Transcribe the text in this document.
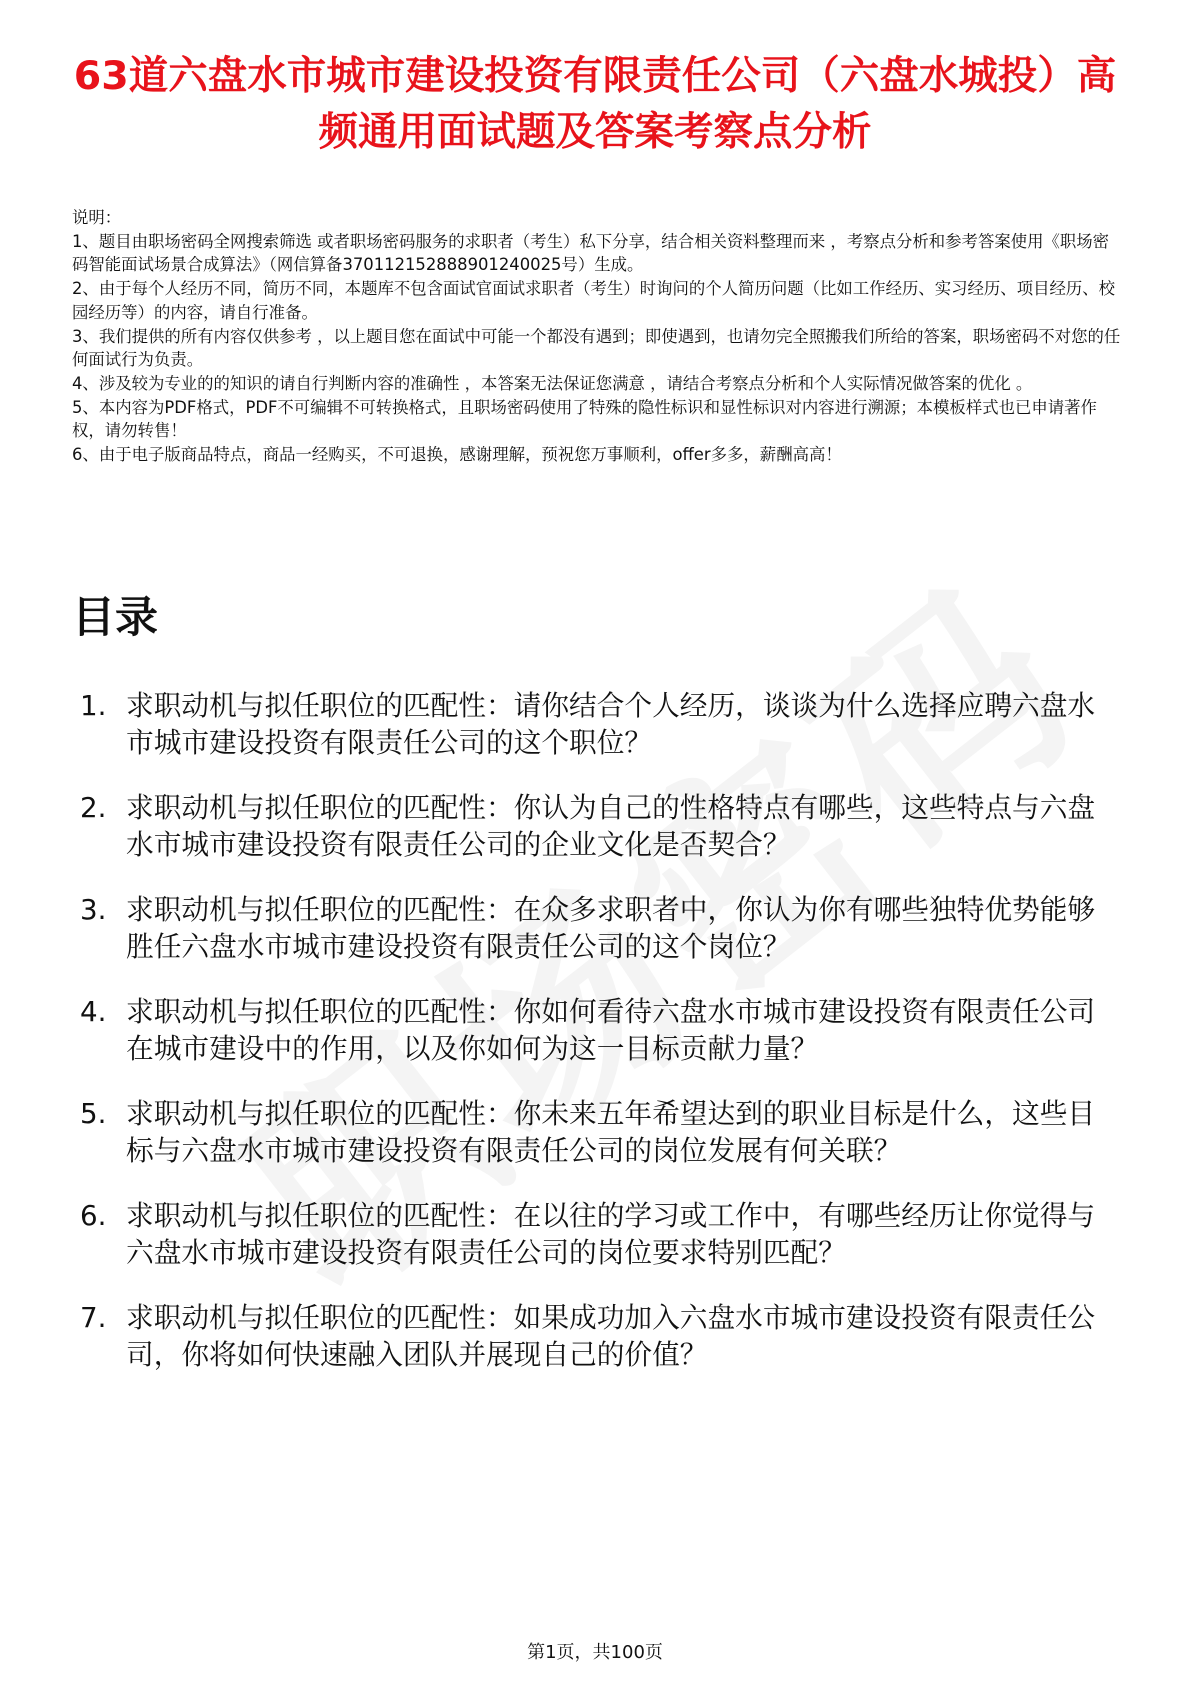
63道六盘水市城市建设投资有限责任公司（六盘水城投）高频通用面试题及答案考察点分析

说明：

1、题目由职场密码全网搜索筛选 或者职场密码服务的求职者（考生）私下分享，结合相关资料整理而来 ，考察点分析和参考答案使用《职场密码智能面试场景合成算法》（网信算备370112152888901240025号）生成。

2、由于每个人经历不同，简历不同，本题库不包含面试官面试求职者（考生）时询问的个人简历问题（比如工作经历、实习经历、项目经历、校园经历等）的内容，请自行准备。

3、我们提供的所有内容仅供参考 ，以上题目您在面试中可能一个都没有遇到；即使遇到，也请勿完全照搬我们所给的答案，职场密码不对您的任何面试行为负责。

4、涉及较为专业的的知识的请自行判断内容的准确性 ，本答案无法保证您满意 ，请结合考察点分析和个人实际情况做答案的优化 。

5、本内容为PDF格式，PDF不可编辑不可转换格式，且职场密码使用了特殊的隐性标识和显性标识对内容进行溯源；本模板样式也已申请著作权，请勿转售！

6、由于电子版商品特点，商品一经购买，不可退换，感谢理解，预祝您万事顺利，offer多多，薪酬高高！

目录
1. 求职动机与拟任职位的匹配性：请你结合个人经历，谈谈为什么选择应聘六盘水市城市建设投资有限责任公司的这个职位？
2. 求职动机与拟任职位的匹配性：你认为自己的性格特点有哪些，这些特点与六盘水市城市建设投资有限责任公司的企业文化是否契合？
3. 求职动机与拟任职位的匹配性：在众多求职者中，你认为你有哪些独特优势能够胜任六盘水市城市建设投资有限责任公司的这个岗位？
4. 求职动机与拟任职位的匹配性：你如何看待六盘水市城市建设投资有限责任公司在城市建设中的作用，以及你如何为这一目标贡献力量？
5. 求职动机与拟任职位的匹配性：你未来五年希望达到的职业目标是什么，这些目标与六盘水市城市建设投资有限责任公司的岗位发展有何关联？
6. 求职动机与拟任职位的匹配性：在以往的学习或工作中，有哪些经历让你觉得与六盘水市城市建设投资有限责任公司的岗位要求特别匹配？
7. 求职动机与拟任职位的匹配性：如果成功加入六盘水市城市建设投资有限责任公司，你将如何快速融入团队并展现自己的价值？
第1页，共100页
